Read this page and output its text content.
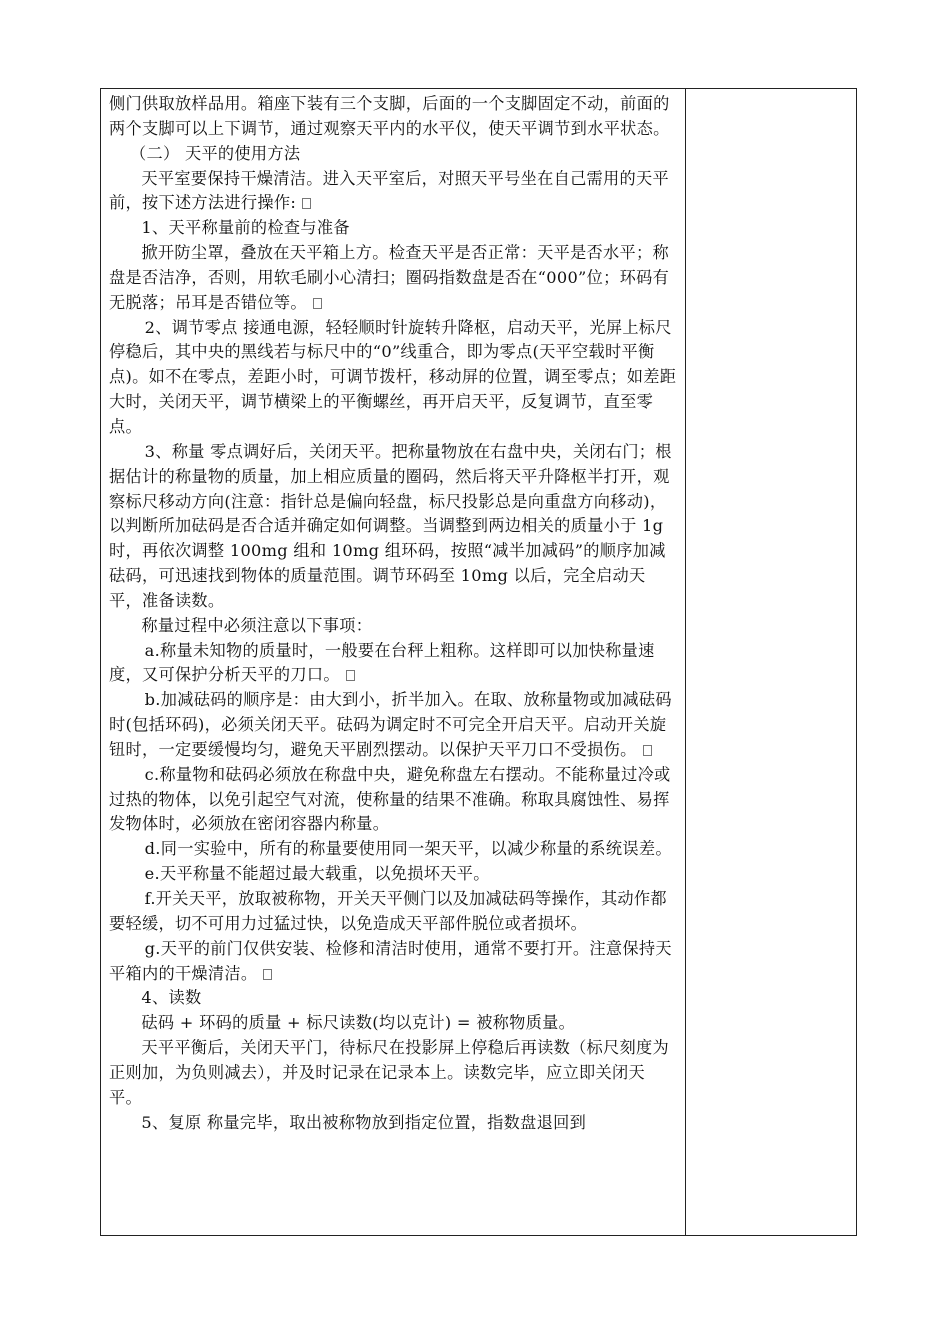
侧门供取放样品用。箱座下装有三个支脚，后面的一个支脚固定不动，前面的两个支脚可以上下调节，通过观察天平内的水平仪，使天平调节到水平状态。

（二） 天平的使用方法

天平室要保持干燥清洁。进入天平室后，对照天平号坐在自己需用的天平前，按下述方法进行操作:

1、天平称量前的检查与准备

掀开防尘罩，叠放在天平箱上方。检查天平是否正常：天平是否水平；称盘是否洁净，否则，用软毛刷小心清扫；圈码指数盘是否在“000”位；环码有无脱落；吊耳是否错位等。

2、调节零点 接通电源，轻轻顺时针旋转升降枢，启动天平，光屏上标尺停稳后，其中央的黑线若与标尺中的“0”线重合，即为零点(天平空载时平衡点)。如不在零点，差距小时，可调节拨杆，移动屏的位置，调至零点；如差距大时，关闭天平，调节横梁上的平衡螺丝，再开启天平，反复调节，直至零点。

3、称量 零点调好后，关闭天平。把称量物放在右盘中央，关闭右门；根据估计的称量物的质量，加上相应质量的圈码，然后将天平升降枢半打开，观察标尺移动方向(注意：指针总是偏向轻盘，标尺投影总是向重盘方向移动)，以判断所加砝码是否合适并确定如何调整。当调整到两边相关的质量小于 1g 时，再依次调整 100mg 组和 10mg 组环码，按照“减半加减码”的顺序加减砝码，可迅速找到物体的质量范围。调节环码至 10mg 以后，完全启动天平，准备读数。

称量过程中必须注意以下事项：

a.称量未知物的质量时，一般要在台秤上粗称。这样即可以加快称量速度，又可保护分析天平的刀口。

b.加减砝码的顺序是：由大到小，折半加入。在取、放称量物或加减砝码时(包括环码)，必须关闭天平。砝码为调定时不可完全开启天平。启动开关旋钮时，一定要缓慢均匀，避免天平剧烈摆动。以保护天平刀口不受损伤。

c.称量物和砝码必须放在称盘中央，避免称盘左右摆动。不能称量过冷或过热的物体，以免引起空气对流，使称量的结果不准确。称取具腐蚀性、易挥发物体时，必须放在密闭容器内称量。

d.同一实验中，所有的称量要使用同一架天平，以减少称量的系统误差。

e.天平称量不能超过最大载重，以免损坏天平。

f.开关天平，放取被称物，开关天平侧门以及加减砝码等操作，其动作都要轻缓，切不可用力过猛过快，以免造成天平部件脱位或者损坏。

g.天平的前门仅供安装、检修和清洁时使用，通常不要打开。注意保持天平箱内的干燥清洁。

4、读数

砝码 + 环码的质量 + 标尺读数(均以克计) = 被称物质量。

天平平衡后，关闭天平门，待标尺在投影屏上停稳后再读数（标尺刻度为正则加，为负则减去），并及时记录在记录本上。读数完毕，应立即关闭天平。

5、复原 称量完毕，取出被称物放到指定位置，指数盘退回到
